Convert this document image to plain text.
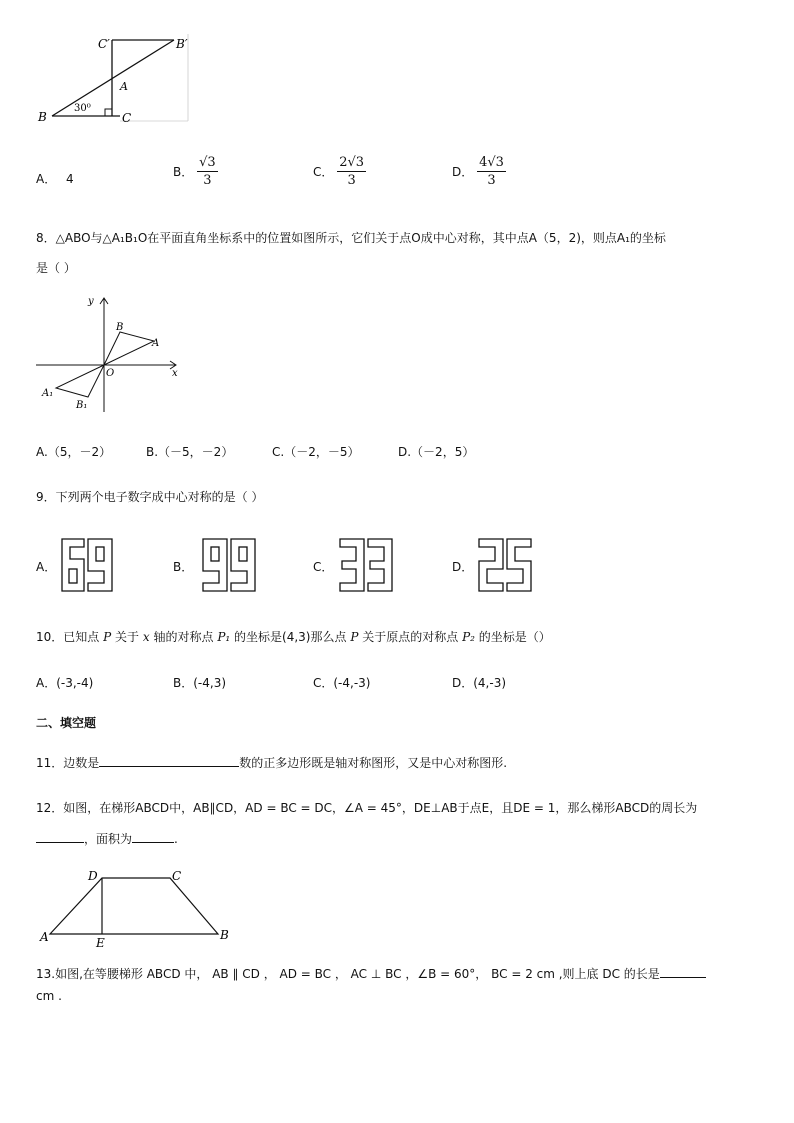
C′	B′
A
B	C
30⁰
A． 4	B． $\frac{√3}{3}$	C． $\frac{2√3}{3}$	D． $\frac{4√3}{3}$
8．△ABO与△A₁B₁O在平面直角坐标系中的位置如图所示，它们关于点O成中心对称，其中点A（5，2)，则点A₁的坐标
是（ ）
y
x
O
B
A
A₁
B₁
A.（5，－2）	B.（－5，－2）	C.（－2，－5）	D.（－2，5）
9．下列两个电子数字成中心对称的是（ ）
A．	B．	C．	D．
10．已知点 P 关于 x 轴的对称点 P₁ 的坐标是(4,3)那么点 P 关于原点的对称点 P₂ 的坐标是（）
A．(-3,-4)	B．(-4,3)	C．(-4,-3)	D．(4,-3)
二、填空题
11．边数是	数的正多边形既是轴对称图形，又是中心对称图形.
12．如图，在梯形ABCD中，AB∥CD，AD = BC = DC，∠A = 45°，DE⊥AB于点E，且DE = 1，那么梯形ABCD的周长为
，面积为	.
D	C
A	E
B
13.如图,在等腰梯形 ABCD 中， AB ∥ CD ， AD = BC ， AC ⊥ BC ，∠B = 60°， BC = 2 cm ,则上底 DC 的长是
cm .
